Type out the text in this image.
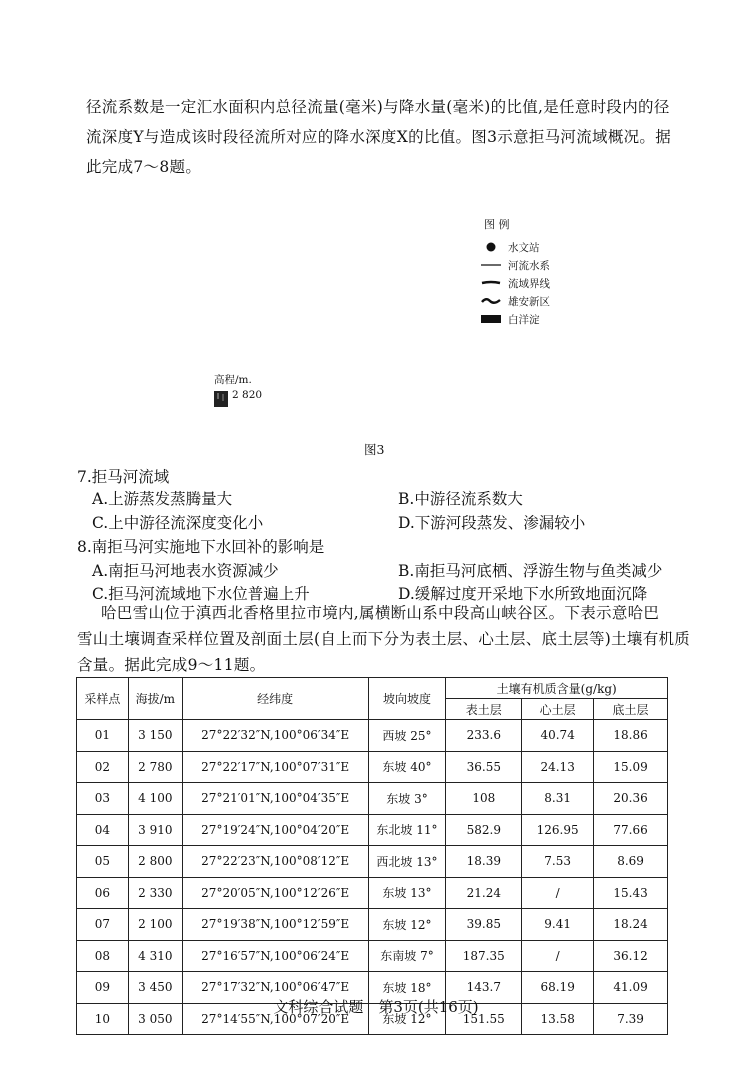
径流系数是一定汇水面积内总径流量(毫米)与降水量(毫米)的比值,是任意时段内的径
流深度Y与造成该时段径流所对应的降水深度X的比值。图3示意拒马河流域概况。据
此完成7～8题。
图 例
水文站
河流水系
流域界线
雄安新区
白洋淀
高程/m.
2 820
图3
7.拒马河流域
A.上游蒸发蒸腾量大	B.中游径流系数大
C.上中游径流深度变化小	D.下游河段蒸发、渗漏较小
8.南拒马河实施地下水回补的影响是
A.南拒马河地表水资源减少	B.南拒马河底栖、浮游生物与鱼类减少
C.拒马河流域地下水位普遍上升	D.缓解过度开采地下水所致地面沉降
哈巴雪山位于滇西北香格里拉市境内,属横断山系中段高山峡谷区。下表示意哈巴
雪山土壤调查采样位置及剖面土层(自上而下分为表土层、心土层、底土层等)土壤有机质
含量。据此完成9～11题。
采样点	海拔/m	经纬度	坡向坡度	土壤有机质含量(g/kg)		
				表土层	心土层	底土层
01	3 150	27°22′32″N,100°06′34″E	西坡 25°	233.6	40.74	18.86
02	2 780	27°22′17″N,100°07′31″E	东坡 40°	36.55	24.13	15.09
03	4 100	27°21′01″N,100°04′35″E	东坡 3°	108	8.31	20.36
04	3 910	27°19′24″N,100°04′20″E	东北坡 11°	582.9	126.95	77.66
05	2 800	27°22′23″N,100°08′12″E	西北坡 13°	18.39	7.53	8.69
06	2 330	27°20′05″N,100°12′26″E	东坡 13°	21.24	/	15.43
07	2 100	27°19′38″N,100°12′59″E	东坡 12°	39.85	9.41	18.24
08	4 310	27°16′57″N,100°06′24″E	东南坡 7°	187.35	/	36.12
09	3 450	27°17′32″N,100°06′47″E	东坡 18°	143.7	68.19	41.09
10	3 050	27°14′55″N,100°07′20″E	东坡 12°	151.55	13.58	7.39
文科综合试题　第3页(共16页)
